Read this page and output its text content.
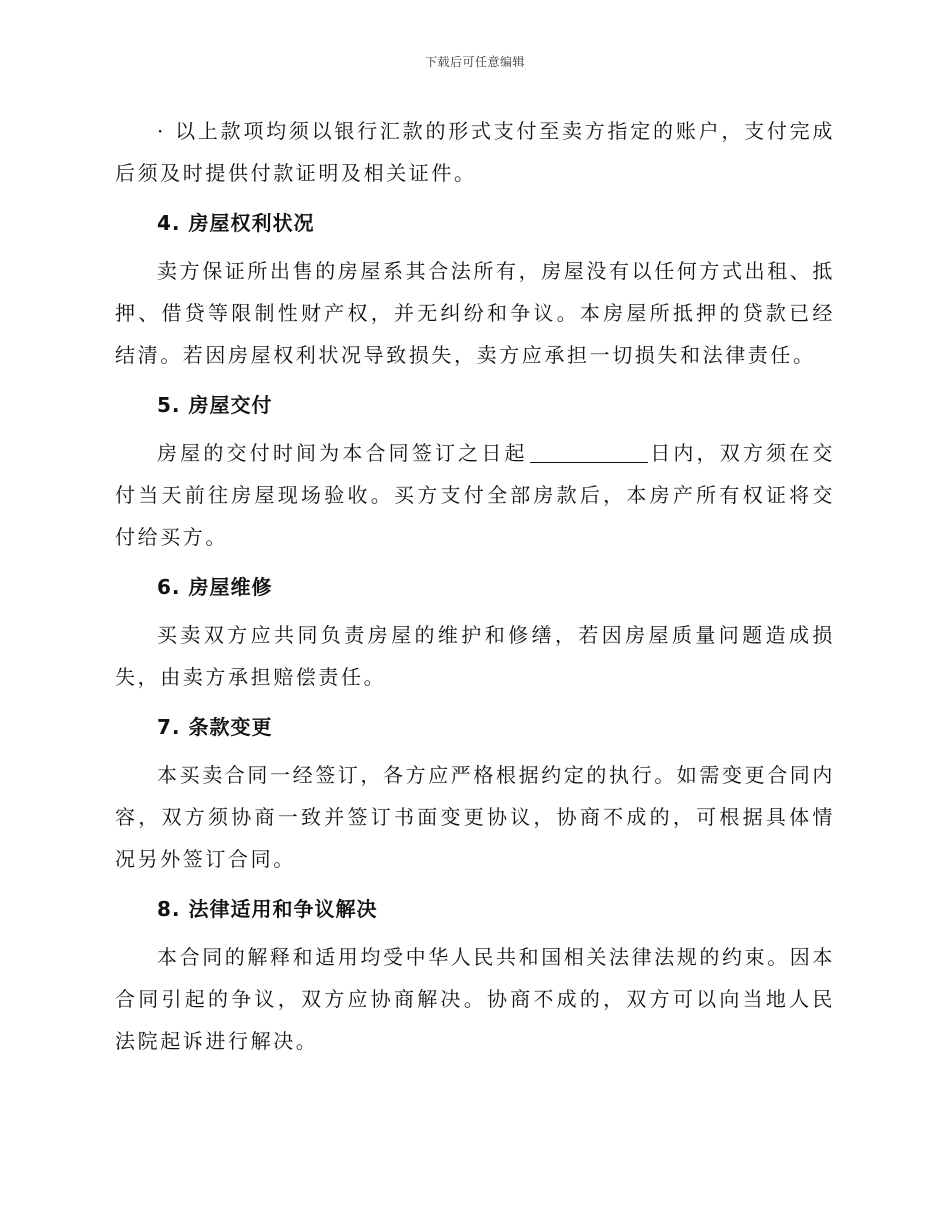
下载后可任意编辑

· 以上款项均须以银行汇款的形式支付至卖方指定的账户，支付完成后须及时提供付款证明及相关证件。

4. 房屋权利状况

卖方保证所出售的房屋系其合法所有，房屋没有以任何方式出租、抵押、借贷等限制性财产权，并无纠纷和争议。本房屋所抵押的贷款已经结清。若因房屋权利状况导致损失，卖方应承担一切损失和法律责任。

5. 房屋交付

房屋的交付时间为本合同签订之日起	日内，双方须在交付当天前往房屋现场验收。买方支付全部房款后，本房产所有权证将交付给买方。

6. 房屋维修

买卖双方应共同负责房屋的维护和修缮，若因房屋质量问题造成损失，由卖方承担赔偿责任。

7. 条款变更

本买卖合同一经签订，各方应严格根据约定的执行。如需变更合同内容，双方须协商一致并签订书面变更协议，协商不成的，可根据具体情况另外签订合同。

8. 法律适用和争议解决

本合同的解释和适用均受中华人民共和国相关法律法规的约束。因本合同引起的争议，双方应协商解决。协商不成的，双方可以向当地人民法院起诉进行解决。
